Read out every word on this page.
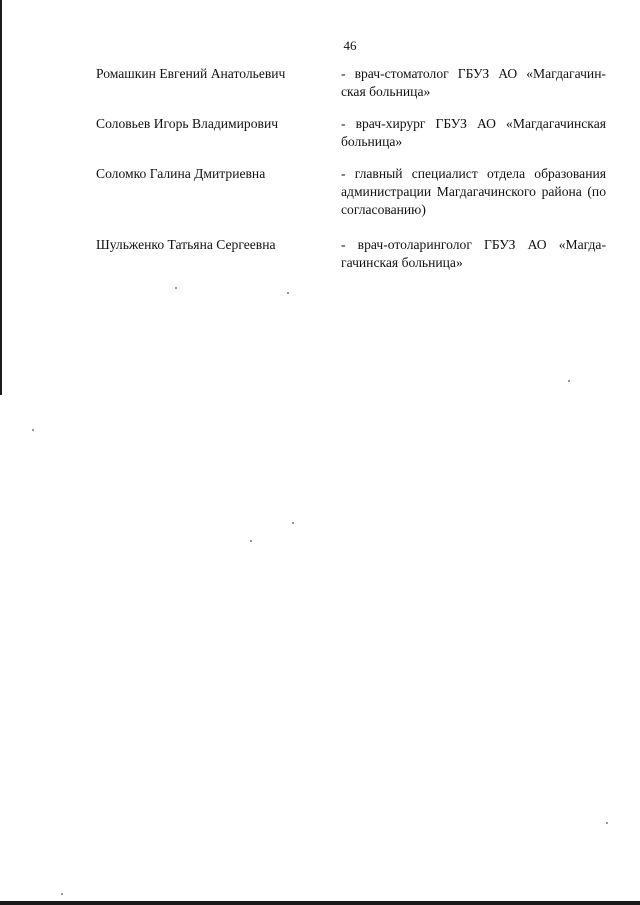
46
Ромашкин Евгений Анатольевич	- врач-стоматолог ГБУЗ АО «Магдагачин-ская больница»
Соловьев Игорь Владимирович	- врач-хирург ГБУЗ АО «Магдагачинская больница»
Соломко Галина Дмитриевна	- главный специалист отдела образования администрации Магдагачинского района (по согласованию)
Шульженко Татьяна Сергеевна	- врач-отоларинголог ГБУЗ АО «Магда-гачинская больница»
